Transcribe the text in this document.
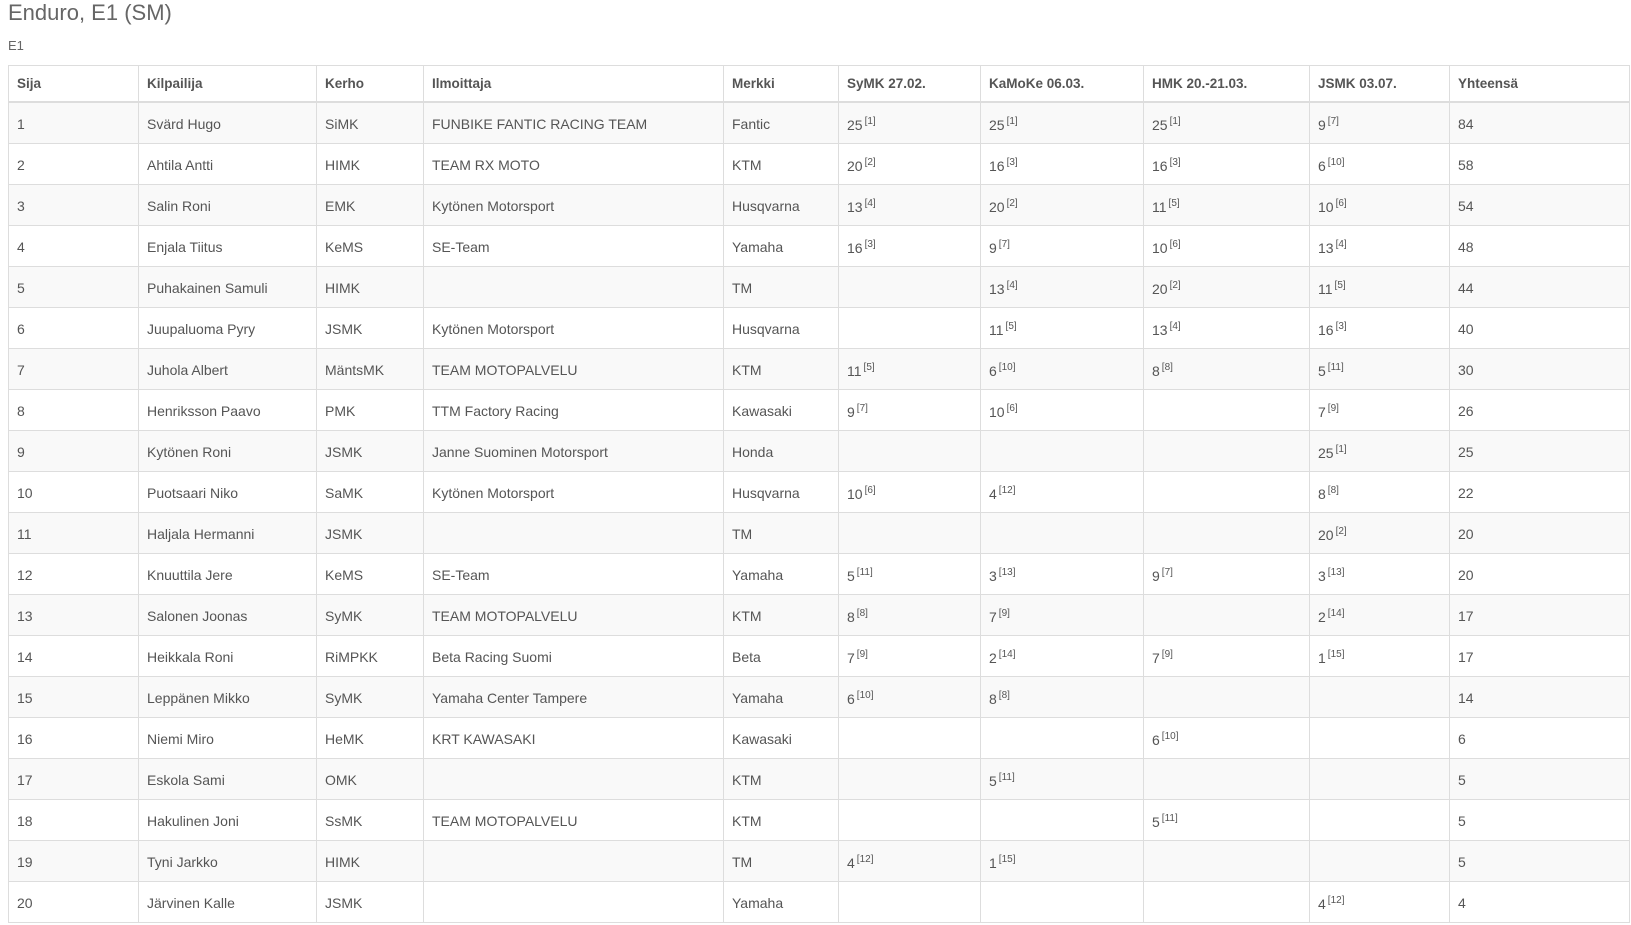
Enduro, E1 (SM)
E1
Sija	Kilpailija	Kerho	Ilmoittaja	Merkki	SyMK 27.02.	KaMoKe 06.03.	HMK 20.-21.03.	JSMK 03.07.	Yhteensä
1	Svärd Hugo	SiMK	FUNBIKE FANTIC RACING TEAM	Fantic	25 [1]	25 [1]	25 [1]	9 [7]	84
2	Ahtila Antti	HIMK	TEAM RX MOTO	KTM	20 [2]	16 [3]	16 [3]	6 [10]	58
3	Salin Roni	EMK	Kytönen Motorsport	Husqvarna	13 [4]	20 [2]	11 [5]	10 [6]	54
4	Enjala Tiitus	KeMS	SE-Team	Yamaha	16 [3]	9 [7]	10 [6]	13 [4]	48
5	Puhakainen Samuli	HIMK		TM		13 [4]	20 [2]	11 [5]	44
6	Juupaluoma Pyry	JSMK	Kytönen Motorsport	Husqvarna		11 [5]	13 [4]	16 [3]	40
7	Juhola Albert	MäntsMK	TEAM MOTOPALVELU	KTM	11 [5]	6 [10]	8 [8]	5 [11]	30
8	Henriksson Paavo	PMK	TTM Factory Racing	Kawasaki	9 [7]	10 [6]		7 [9]	26
9	Kytönen Roni	JSMK	Janne Suominen Motorsport	Honda				25 [1]	25
10	Puotsaari Niko	SaMK	Kytönen Motorsport	Husqvarna	10 [6]	4 [12]		8 [8]	22
11	Haljala Hermanni	JSMK		TM				20 [2]	20
12	Knuuttila Jere	KeMS	SE-Team	Yamaha	5 [11]	3 [13]	9 [7]	3 [13]	20
13	Salonen Joonas	SyMK	TEAM MOTOPALVELU	KTM	8 [8]	7 [9]		2 [14]	17
14	Heikkala Roni	RiMPKK	Beta Racing Suomi	Beta	7 [9]	2 [14]	7 [9]	1 [15]	17
15	Leppänen Mikko	SyMK	Yamaha Center Tampere	Yamaha	6 [10]	8 [8]			14
16	Niemi Miro	HeMK	KRT KAWASAKI	Kawasaki			6 [10]		6
17	Eskola Sami	OMK		KTM		5 [11]			5
18	Hakulinen Joni	SsMK	TEAM MOTOPALVELU	KTM			5 [11]		5
19	Tyni Jarkko	HIMK		TM	4 [12]	1 [15]			5
20	Järvinen Kalle	JSMK		Yamaha				4 [12]	4
